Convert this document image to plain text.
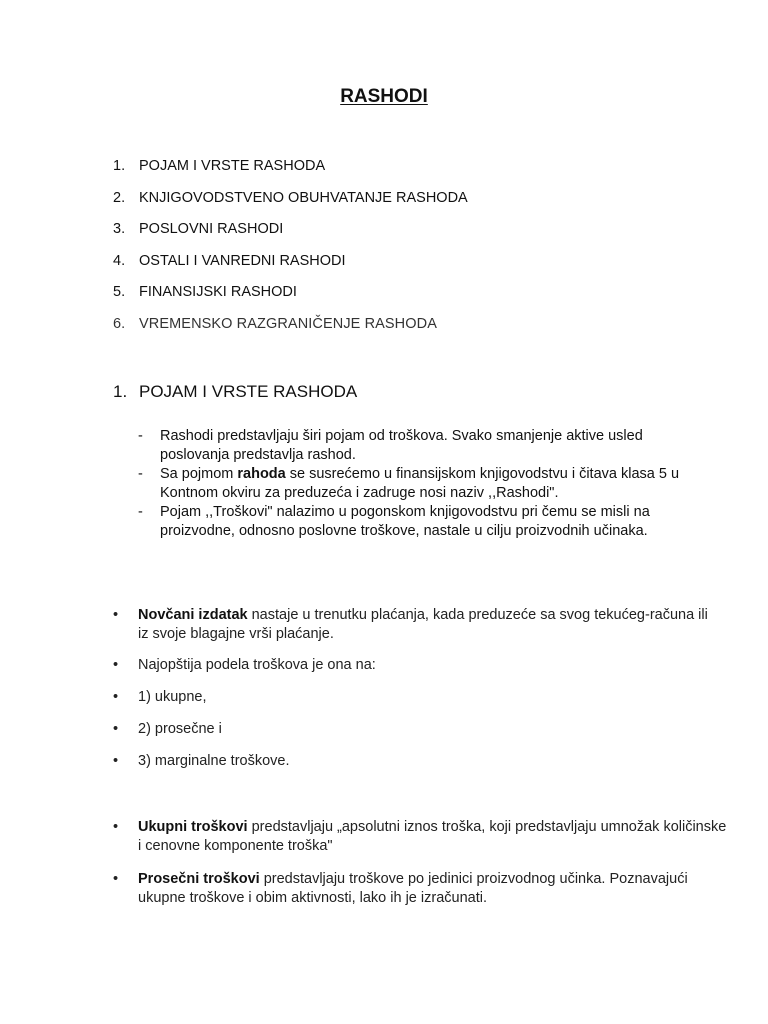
RASHODI
1. POJAM I VRSTE RASHODA
2. KNJIGOVODSTVENO OBUHVATANJE RASHODA
3. POSLOVNI RASHODI
4. OSTALI I VANREDNI RASHODI
5. FINANSIJSKI RASHODI
6. VREMENSKO RAZGRANIČENJE RASHODA
1. POJAM I VRSTE RASHODA
- Rashodi predstavljaju širi pojam od troškova. Svako smanjenje aktive usled poslovanja predstavlja rashod.
- Sa pojmom rahoda se susrećemo u finansijskom knjigovodstvu i čitava klasa 5 u Kontnom okviru za preduzeća i zadruge nosi naziv ,,Rashodi".
- Pojam ,,Troškovi" nalazimo u pogonskom knjigovodstvu pri čemu se misli na proizvodne, odnosno poslovne troškove, nastale u cilju proizvodnih učinaka.
• Novčani izdatak nastaje u trenutku plaćanja, kada preduzeće sa svog tekućeg-računa ili iz svoje blagajne vrši plaćanje.
• Najopštija podela troškova je ona na:
• 1) ukupne,
• 2) prosečne i
• 3) marginalne troškove.
• Ukupni troškovi predstavljaju „apsolutni iznos troška, koji predstavljaju umnožak količinske i cenovne komponente troška"
• Prosečni troškovi predstavljaju troškove po jedinici proizvodnog učinka. Poznavajući ukupne troškove i obim aktivnosti, lako ih je izračunati.
